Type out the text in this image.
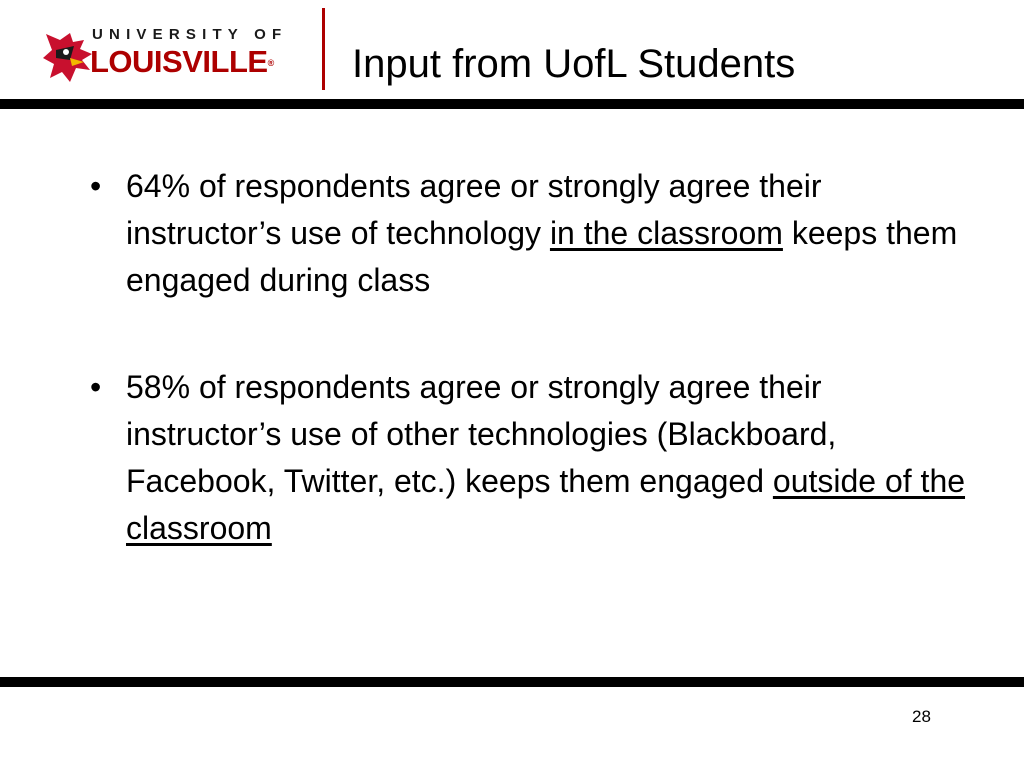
UNIVERSITY OF
LOUISVILLE® Input from UofL Students
• 64% of respondents agree or strongly agree their instructor’s use of technology in the classroom keeps them engaged during class
• 58% of respondents agree or strongly agree their instructor’s use of other technologies (Blackboard, Facebook, Twitter, etc.) keeps them engaged outside of the classroom
28
